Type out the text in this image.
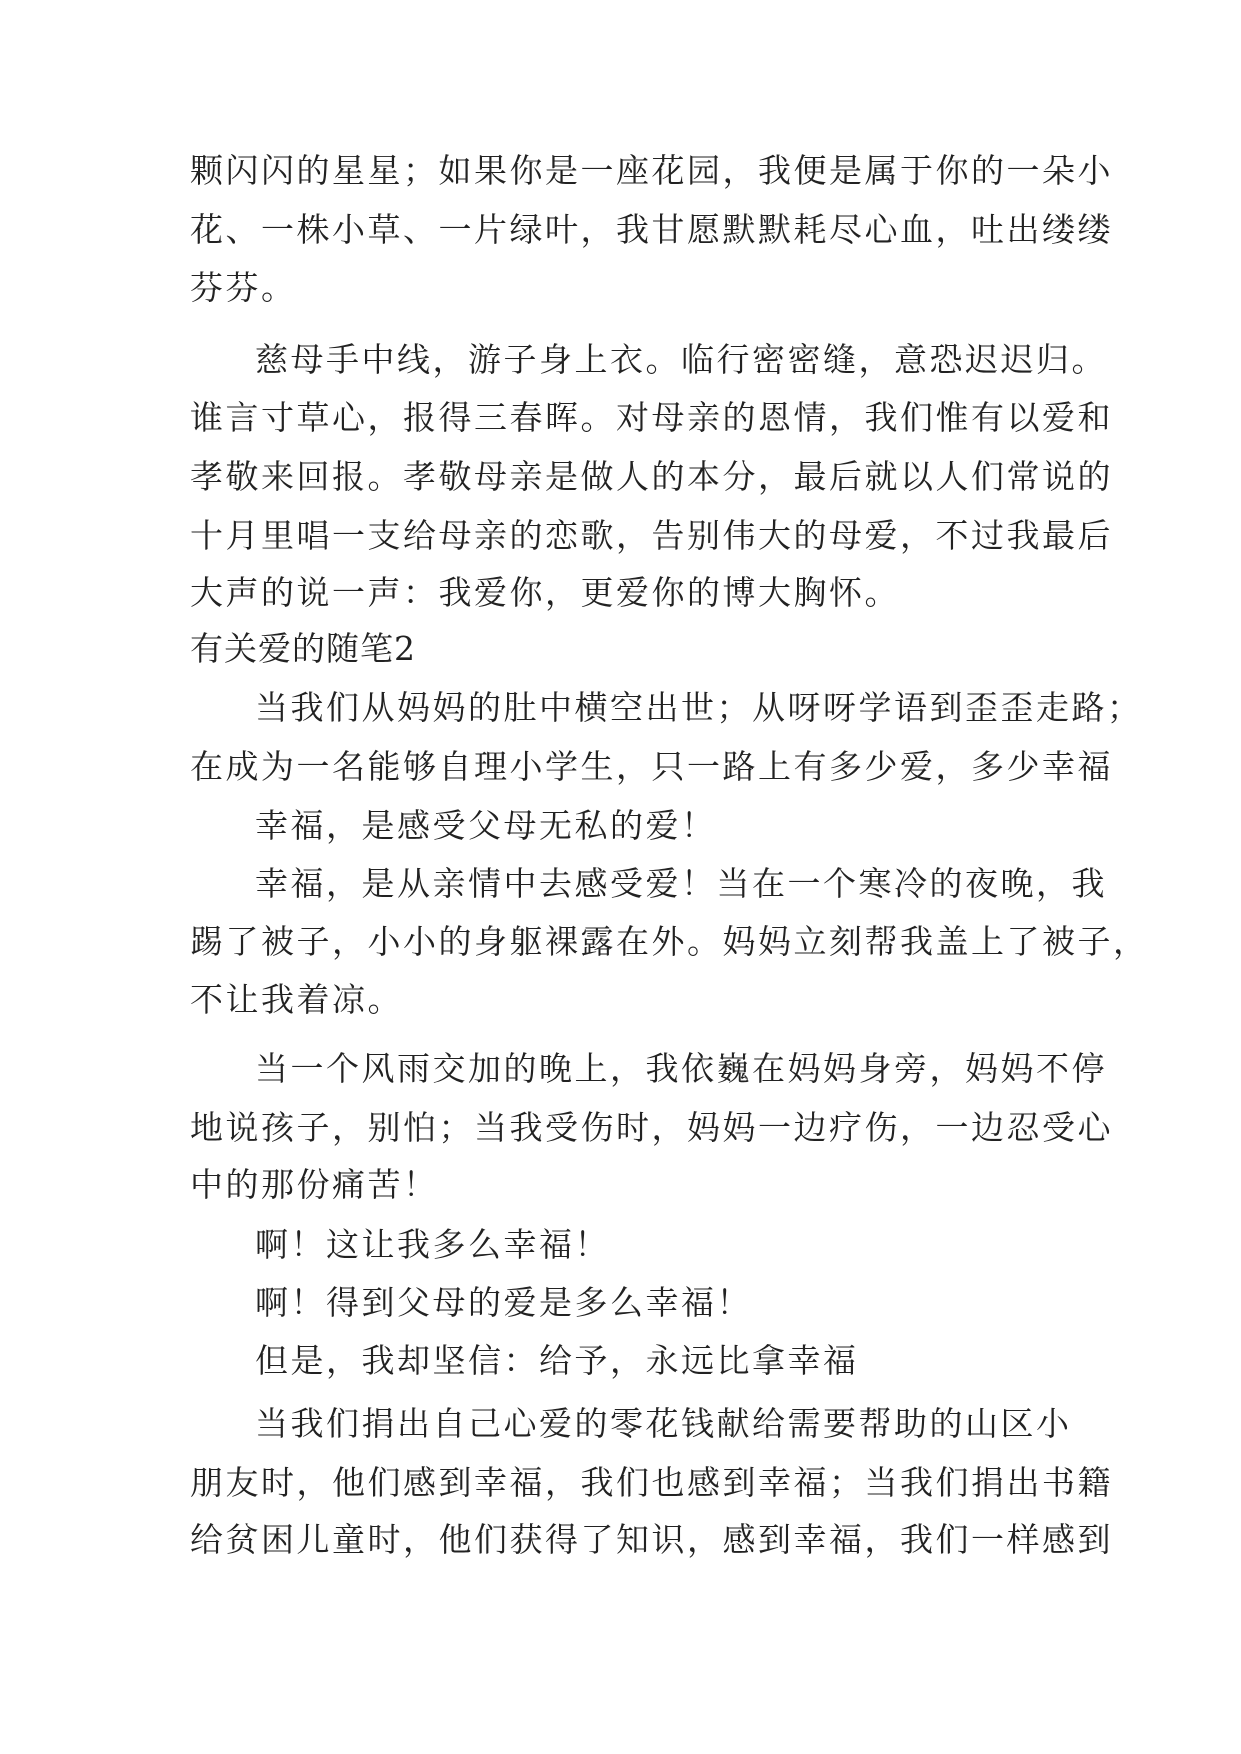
颗闪闪的星星；如果你是一座花园，我便是属于你的一朵小
花、一株小草、一片绿叶，我甘愿默默耗尽心血，吐出缕缕
芬芬。
慈母手中线，游子身上衣。临行密密缝，意恐迟迟归。
谁言寸草心，报得三春晖。对母亲的恩情，我们惟有以爱和
孝敬来回报。孝敬母亲是做人的本分，最后就以人们常说的
十月里唱一支给母亲的恋歌，告别伟大的母爱，不过我最后
大声的说一声：我爱你，更爱你的博大胸怀。
有关爱的随笔2
当我们从妈妈的肚中横空出世；从呀呀学语到歪歪走路；
在成为一名能够自理小学生，只一路上有多少爱，多少幸福
幸福，是感受父母无私的爱！
幸福，是从亲情中去感受爱！当在一个寒冷的夜晚，我
踢了被子，小小的身躯裸露在外。妈妈立刻帮我盖上了被子，
不让我着凉。
当一个风雨交加的晚上，我依巍在妈妈身旁，妈妈不停
地说孩子，别怕；当我受伤时，妈妈一边疗伤，一边忍受心
中的那份痛苦！
啊！这让我多么幸福！
啊！得到父母的爱是多么幸福！
但是，我却坚信：给予，永远比拿幸福
当我们捐出自己心爱的零花钱献给需要帮助的山区小
朋友时，他们感到幸福，我们也感到幸福；当我们捐出书籍
给贫困儿童时，他们获得了知识，感到幸福，我们一样感到
